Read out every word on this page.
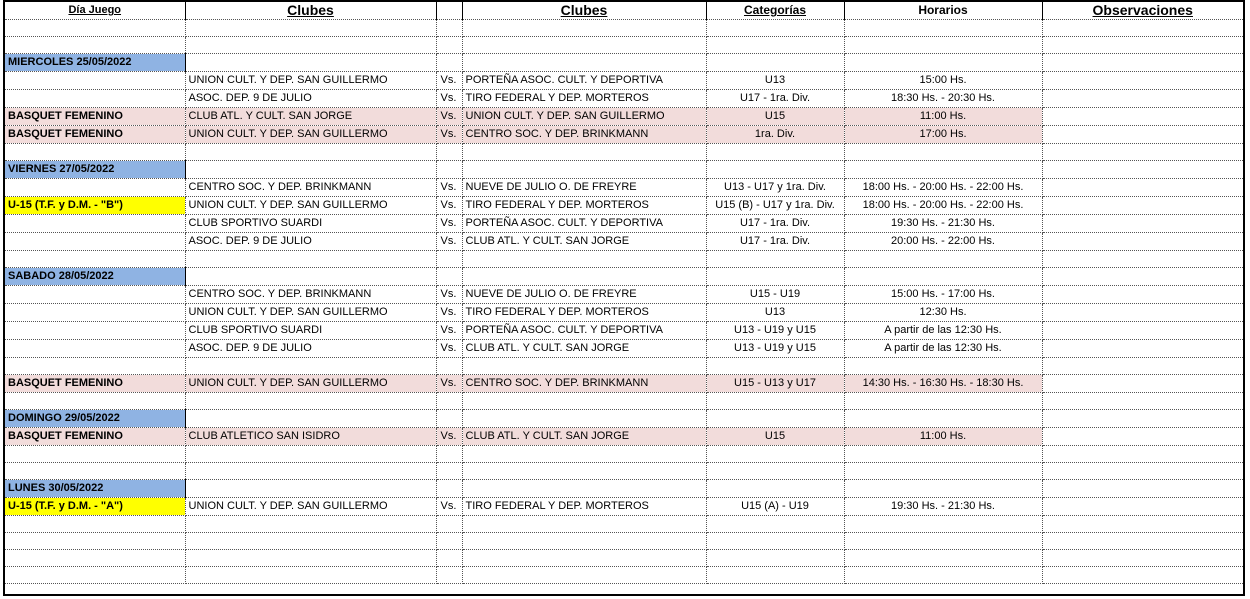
Día Juego	Clubes		Clubes	Categorías	Horarios	Observaciones

MIERCOLES 25/05/2022						
	UNION CULT. Y DEP. SAN GUILLERMO	Vs.	PORTEÑA ASOC. CULT. Y DEPORTIVA	U13	15:00 Hs.	
	ASOC. DEP. 9 DE JULIO	Vs.	TIRO FEDERAL Y DEP. MORTEROS	U17 - 1ra. Div.	18:30 Hs. - 20:30 Hs.	
BASQUET FEMENINO	CLUB ATL. Y CULT. SAN JORGE	Vs.	UNION CULT. Y DEP. SAN GUILLERMO	U15	11:00 Hs.	
BASQUET FEMENINO	UNION CULT. Y DEP. SAN GUILLERMO	Vs.	CENTRO SOC. Y DEP. BRINKMANN	1ra. Div.	17:00 Hs.	

VIERNES 27/05/2022						
	CENTRO SOC. Y DEP. BRINKMANN	Vs.	NUEVE DE JULIO O. DE FREYRE	U13 - U17 y 1ra. Div.	18:00 Hs. - 20:00 Hs. - 22:00 Hs.	
U-15 (T.F. y D.M. - "B")	UNION CULT. Y DEP. SAN GUILLERMO	Vs.	TIRO FEDERAL Y DEP. MORTEROS	U15 (B) - U17 y 1ra. Div.	18:00 Hs. - 20:00 Hs. - 22:00 Hs.	
	CLUB SPORTIVO SUARDI	Vs.	PORTEÑA ASOC. CULT. Y DEPORTIVA	U17 - 1ra. Div.	19:30 Hs. - 21:30 Hs.	
	ASOC. DEP. 9 DE JULIO	Vs.	CLUB ATL. Y CULT. SAN JORGE	U17 - 1ra. Div.	20:00 Hs. - 22:00 Hs.	

SABADO 28/05/2022						
	CENTRO SOC. Y DEP. BRINKMANN	Vs.	NUEVE DE JULIO O. DE FREYRE	U15 - U19	15:00 Hs. - 17:00 Hs.	
	UNION CULT. Y DEP. SAN GUILLERMO	Vs.	TIRO FEDERAL Y DEP. MORTEROS	U13	12:30 Hs.	
	CLUB SPORTIVO SUARDI	Vs.	PORTEÑA ASOC. CULT. Y DEPORTIVA	U13 - U19 y U15	A partir de las 12:30 Hs.	
	ASOC. DEP. 9 DE JULIO	Vs.	CLUB ATL. Y CULT. SAN JORGE	U13 - U19 y U15	A partir de las 12:30 Hs.	

BASQUET FEMENINO	UNION CULT. Y DEP. SAN GUILLERMO	Vs.	CENTRO SOC. Y DEP. BRINKMANN	U15 - U13 y U17	14:30 Hs. - 16:30 Hs. - 18:30 Hs.	

DOMINGO 29/05/2022						
BASQUET FEMENINO	CLUB ATLETICO SAN ISIDRO	Vs.	CLUB ATL. Y CULT. SAN JORGE	U15	11:00 Hs.	

LUNES 30/05/2022						
U-15 (T.F. y D.M. - "A")	UNION CULT. Y DEP. SAN GUILLERMO	Vs.	TIRO FEDERAL Y DEP. MORTEROS	U15 (A) - U19	19:30 Hs. - 21:30 Hs.	
